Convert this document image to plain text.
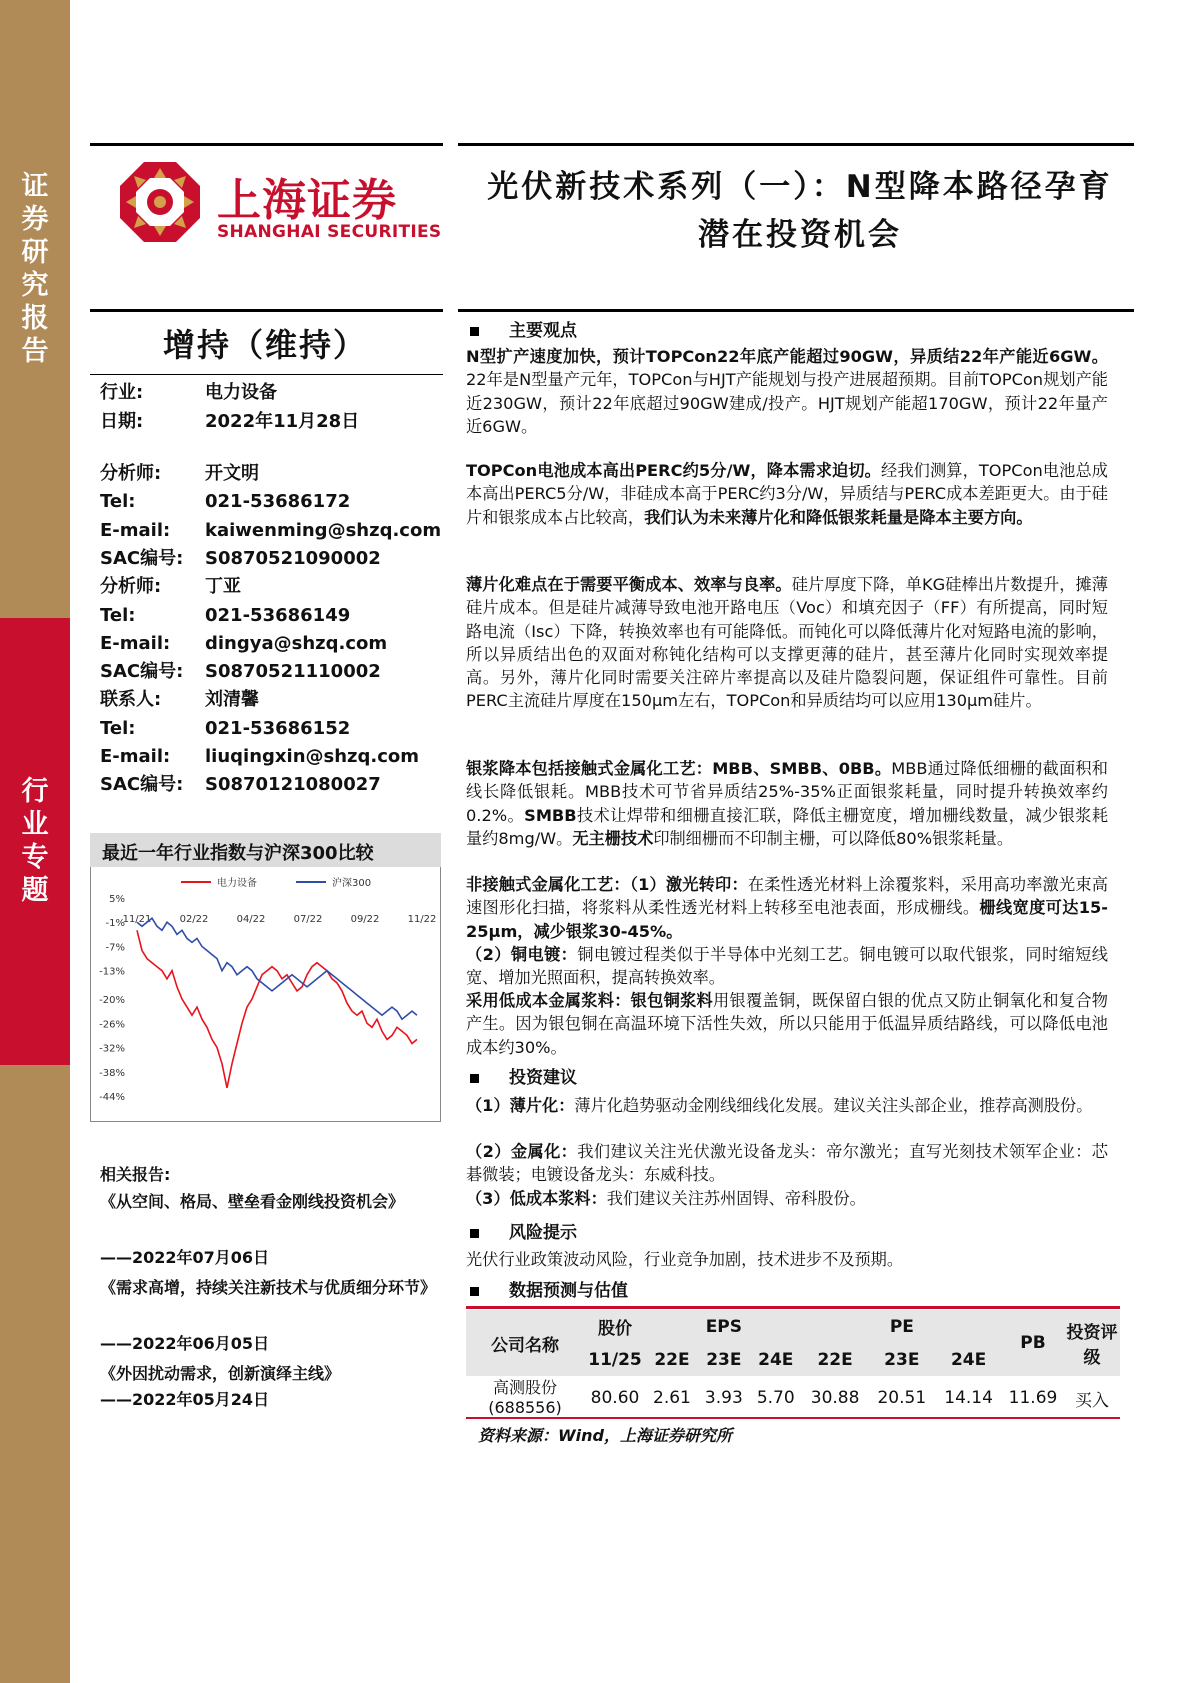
证
券
研
究
报
告
行
业
专
题
上海证券
SHANGHAI SECURITIES
光伏新技术系列（一）：N型降本路径孕育
潜在投资机会
增持（维持）
行业:	电力设备
日期:	2022年11月28日
分析师: 开文明
Tel:	021-53686172
E-mail: kaiwenming@shzq.com
SAC编号: S0870521090002
分析师: 丁亚
Tel:	021-53686149
E-mail: dingya@shzq.com
SAC编号: S0870521110002
联系人: 刘清馨
Tel:	021-53686152
E-mail: liuqingxin@shzq.com
SAC编号: S0870121080027
最近一年行业指数与沪深300比较
电力设备	沪深300
5%
-1%
-7%
-13%
-20%
-26%
-32%
-38%
-44%
11/21	02/22	04/22	07/22	09/22	11/22
相关报告:
《从空间、格局、壁垒看金刚线投资机会》
——2022年07月06日
《需求高增，持续关注新技术与优质细分环节》
——2022年06月05日
《外因扰动需求，创新演绎主线》
——2022年05月24日
主要观点
N型扩产速度加快，预计TOPCon22年底产能超过90GW，异质结22年产能近6GW。22年是N型量产元年，TOPCon与HJT产能规划与投产进展超预期。目前TOPCon规划产能近230GW，预计22年底超过90GW建成/投产。HJT规划产能超170GW，预计22年量产近6GW。
TOPCon电池成本高出PERC约5分/W，降本需求迫切。经我们测算，TOPCon电池总成本高出PERC5分/W，非硅成本高于PERC约3分/W，异质结与PERC成本差距更大。由于硅片和银浆成本占比较高，我们认为未来薄片化和降低银浆耗量是降本主要方向。
薄片化难点在于需要平衡成本、效率与良率。硅片厚度下降，单KG硅棒出片数提升，摊薄硅片成本。但是硅片减薄导致电池开路电压（Voc）和填充因子（FF）有所提高，同时短路电流（Isc）下降，转换效率也有可能降低。而钝化可以降低薄片化对短路电流的影响，所以异质结出色的双面对称钝化结构可以支撑更薄的硅片，甚至薄片化同时实现效率提高。另外，薄片化同时需要关注碎片率提高以及硅片隐裂问题，保证组件可靠性。目前PERC主流硅片厚度在150μm左右，TOPCon和异质结均可以应用130μm硅片。
银浆降本包括接触式金属化工艺：MBB、SMBB、0BB。MBB通过降低细栅的截面积和线长降低银耗。MBB技术可节省异质结25%-35%正面银浆耗量，同时提升转换效率约0.2%。SMBB技术让焊带和细栅直接汇联，降低主栅宽度，增加栅线数量，减少银浆耗量约8mg/W。无主栅技术印制细栅而不印制主栅，可以降低80%银浆耗量。
非接触式金属化工艺：（1）激光转印：在柔性透光材料上涂覆浆料，采用高功率激光束高速图形化扫描，将浆料从柔性透光材料上转移至电池表面，形成栅线。栅线宽度可达15-25μm，减少银浆30-45%。
（2）铜电镀：铜电镀过程类似于半导体中光刻工艺。铜电镀可以取代银浆，同时缩短线宽、增加光照面积，提高转换效率。
采用低成本金属浆料：银包铜浆料用银覆盖铜，既保留白银的优点又防止铜氧化和复合物产生。因为银包铜在高温环境下活性失效，所以只能用于低温异质结路线，可以降低电池成本约30%。
投资建议
（1）薄片化：薄片化趋势驱动金刚线细线化发展。建议关注头部企业，推荐高测股份。
（2）金属化：我们建议关注光伏激光设备龙头：帝尔激光；直写光刻技术领军企业：芯碁微装；电镀设备龙头：东威科技。
（3）低成本浆料：我们建议关注苏州固锝、帝科股份。
风险提示
光伏行业政策波动风险，行业竞争加剧，技术进步不及预期。
数据预测与估值
公司名称	股价	EPS			PE			PB	投资评级
	11/25	22E	23E	24E	22E	23E	24E		
高测股份
(688556)	80.60	2.61	3.93	5.70	30.88	20.51	14.14	11.69	买入
资料来源：Wind，上海证券研究所
